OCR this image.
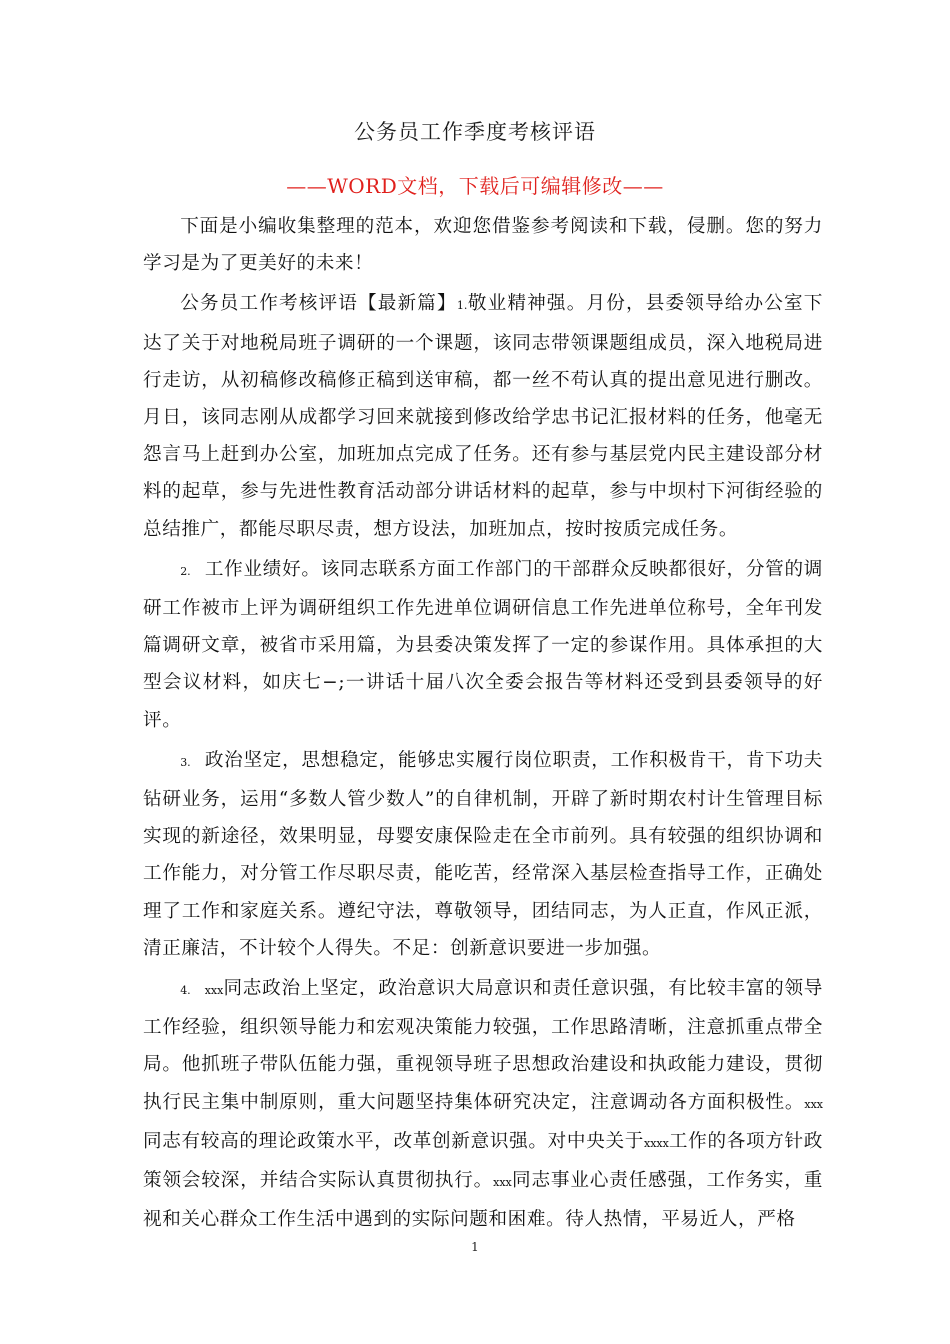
公务员工作季度考核评语
——WORD文档，下载后可编辑修改——

下面是小编收集整理的范本，欢迎您借鉴参考阅读和下载，侵删。您的努力学习是为了更美好的未来！

公务员工作考核评语【最新篇】1.敬业精神强。月份，县委领导给办公室下达了关于对地税局班子调研的一个课题，该同志带领课题组成员，深入地税局进行走访，从初稿修改稿修正稿到送审稿，都一丝不苟认真的提出意见进行删改。月日，该同志刚从成都学习回来就接到修改给学忠书记汇报材料的任务，他毫无怨言马上赶到办公室，加班加点完成了任务。还有参与基层党内民主建设部分材料的起草，参与先进性教育活动部分讲话材料的起草，参与中坝村下河街经验的总结推广，都能尽职尽责，想方设法，加班加点，按时按质完成任务。

2. 工作业绩好。该同志联系方面工作部门的干部群众反映都很好，分管的调研工作被市上评为调研组织工作先进单位调研信息工作先进单位称号，全年刊发篇调研文章，被省市采用篇，为县委决策发挥了一定的参谋作用。具体承担的大型会议材料，如庆七−;一讲话十届八次全委会报告等材料还受到县委领导的好评。

3. 政治坚定，思想稳定，能够忠实履行岗位职责，工作积极肯干，肯下功夫钻研业务，运用“多数人管少数人”的自律机制，开辟了新时期农村计生管理目标实现的新途径，效果明显，母婴安康保险走在全市前列。具有较强的组织协调和工作能力，对分管工作尽职尽责，能吃苦，经常深入基层检查指导工作，正确处理了工作和家庭关系。遵纪守法，尊敬领导，团结同志，为人正直，作风正派，清正廉洁，不计较个人得失。不足：创新意识要进一步加强。

4. xxx同志政治上坚定，政治意识大局意识和责任意识强，有比较丰富的领导工作经验，组织领导能力和宏观决策能力较强，工作思路清晰，注意抓重点带全局。他抓班子带队伍能力强，重视领导班子思想政治建设和执政能力建设，贯彻执行民主集中制原则，重大问题坚持集体研究决定，注意调动各方面积极性。xxx同志有较高的理论政策水平，改革创新意识强。对中央关于xxxx工作的各项方针政策领会较深，并结合实际认真贯彻执行。xxx同志事业心责任感强，工作务实，重视和关心群众工作生活中遇到的实际问题和困难。待人热情，平易近人，严格

1
